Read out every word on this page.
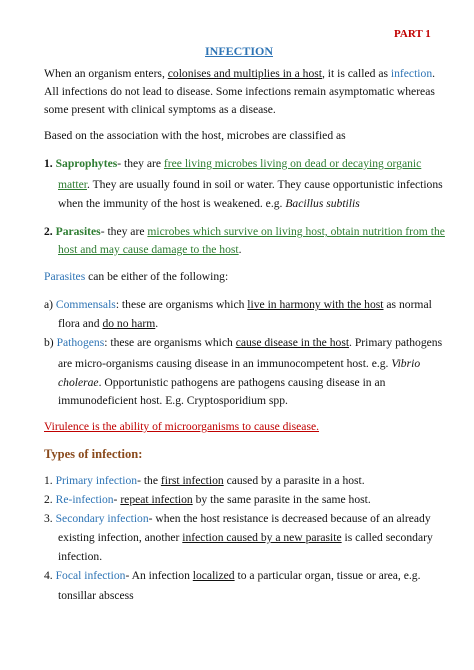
PART 1
INFECTION
When an organism enters, colonises and multiplies in a host, it is called as infection.
All infections do not lead to disease. Some infections remain asymptomatic whereas
some present with clinical symptoms as a disease.
Based on the association with the host, microbes are classified as
1. Saprophytes- they are free living microbes living on dead or decaying organic
matter. They are usually found in soil or water. They cause opportunistic infections
when the immunity of the host is weakened. e.g. Bacillus subtilis
2. Parasites- they are microbes which survive on living host, obtain nutrition from the
host and may cause damage to the host.
Parasites can be either of the following:
a) Commensals: these are organisms which live in harmony with the host as normal
flora and do no harm.
b) Pathogens: these are organisms which cause disease in the host. Primary pathogens
are micro-organisms causing disease in an immunocompetent host. e.g. Vibrio
cholerae. Opportunistic pathogens are pathogens causing disease in an
immunodeficient host. E.g. Cryptosporidium spp.
Virulence is the ability of microorganisms to cause disease.
Types of infection:
1. Primary infection- the first infection caused by a parasite in a host.
2. Re-infection- repeat infection by the same parasite in the same host.
3. Secondary infection- when the host resistance is decreased because of an already
existing infection, another infection caused by a new parasite is called secondary
infection.
4. Focal infection- An infection localized to a particular organ, tissue or area, e.g.
tonsillar abscess
